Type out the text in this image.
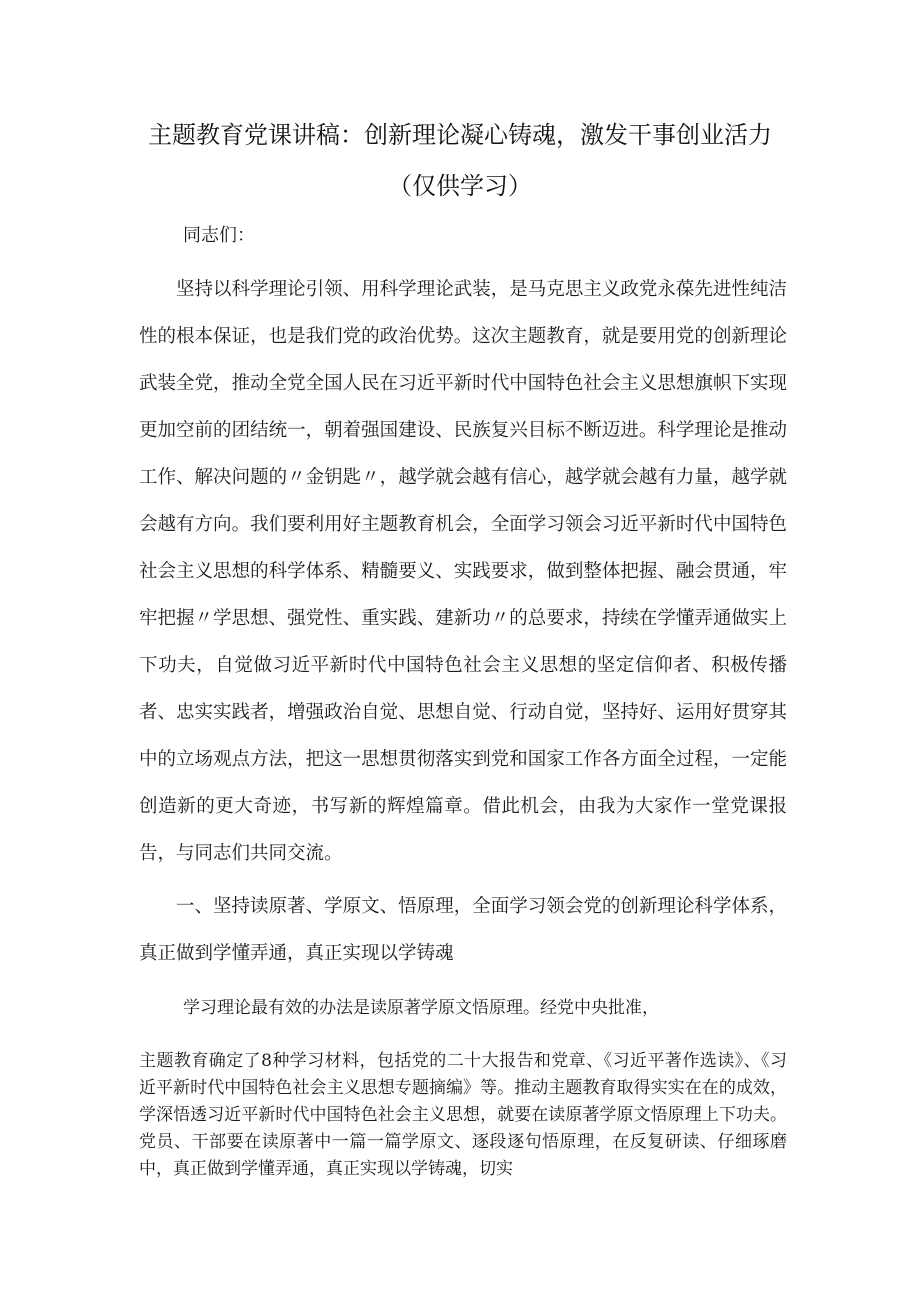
主题教育党课讲稿：创新理论凝心铸魂，激发干事创业活力
（仅供学习）

同志们：

坚持以科学理论引领、用科学理论武装，是马克思主义政党永葆先进性纯洁性的根本保证，也是我们党的政治优势。这次主题教育，就是要用党的创新理论武装全党，推动全党全国人民在习近平新时代中国特色社会主义思想旗帜下实现更加空前的团结统一，朝着强国建设、民族复兴目标不断迈进。科学理论是推动工作、解决问题的〃金钥匙〃，越学就会越有信心，越学就会越有力量，越学就会越有方向。我们要利用好主题教育机会，全面学习领会习近平新时代中国特色社会主义思想的科学体系、精髓要义、实践要求，做到整体把握、融会贯通，牢牢把握〃学思想、强党性、重实践、建新功〃的总要求，持续在学懂弄通做实上下功夫，自觉做习近平新时代中国特色社会主义思想的坚定信仰者、积极传播者、忠实实践者，增强政治自觉、思想自觉、行动自觉，坚持好、运用好贯穿其中的立场观点方法，把这一思想贯彻落实到党和国家工作各方面全过程，一定能创造新的更大奇迹，书写新的辉煌篇章。借此机会，由我为大家作一堂党课报告，与同志们共同交流。

一、坚持读原著、学原文、悟原理，全面学习领会党的创新理论科学体系，真正做到学懂弄通，真正实现以学铸魂

学习理论最有效的办法是读原著学原文悟原理。经党中央批准，

主题教育确定了8种学习材料，包括党的二十大报告和党章、《习近平著作选读》、《习近平新时代中国特色社会主义思想专题摘编》等。推动主题教育取得实实在在的成效，学深悟透习近平新时代中国特色社会主义思想，就要在读原著学原文悟原理上下功夫。党员、干部要在读原著中一篇一篇学原文、逐段逐句悟原理，在反复研读、仔细琢磨中，真正做到学懂弄通，真正实现以学铸魂，切实
